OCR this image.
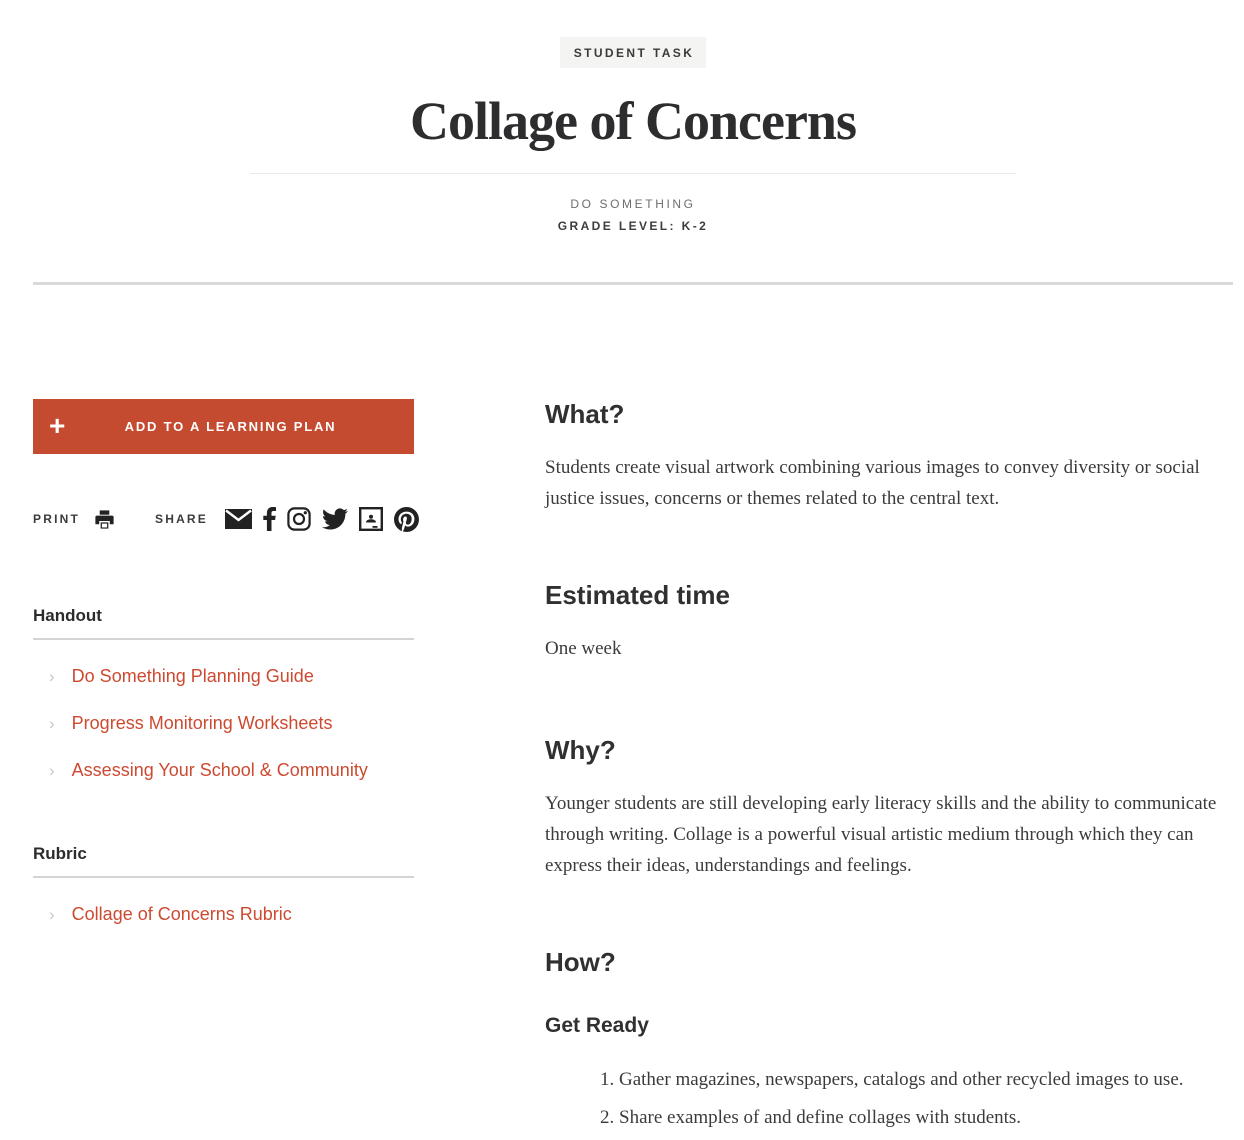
STUDENT TASK
Collage of Concerns
DO SOMETHING
GRADE LEVEL: K-2
+	ADD TO A LEARNING PLAN
PRINT	SHARE
Handout
› Do Something Planning Guide
› Progress Monitoring Worksheets
› Assessing Your School & Community
Rubric
› Collage of Concerns Rubric
What?

Students create visual artwork combining various images to convey diversity or social justice issues, concerns or themes related to the central text.

Estimated time

One week

Why?

Younger students are still developing early literacy skills and the ability to communicate through writing. Collage is a powerful visual artistic medium through which they can express their ideas, understandings and feelings.

How?
Get Ready
1. Gather magazines, newspapers, catalogs and other recycled images to use.
2. Share examples of and define collages with students.
